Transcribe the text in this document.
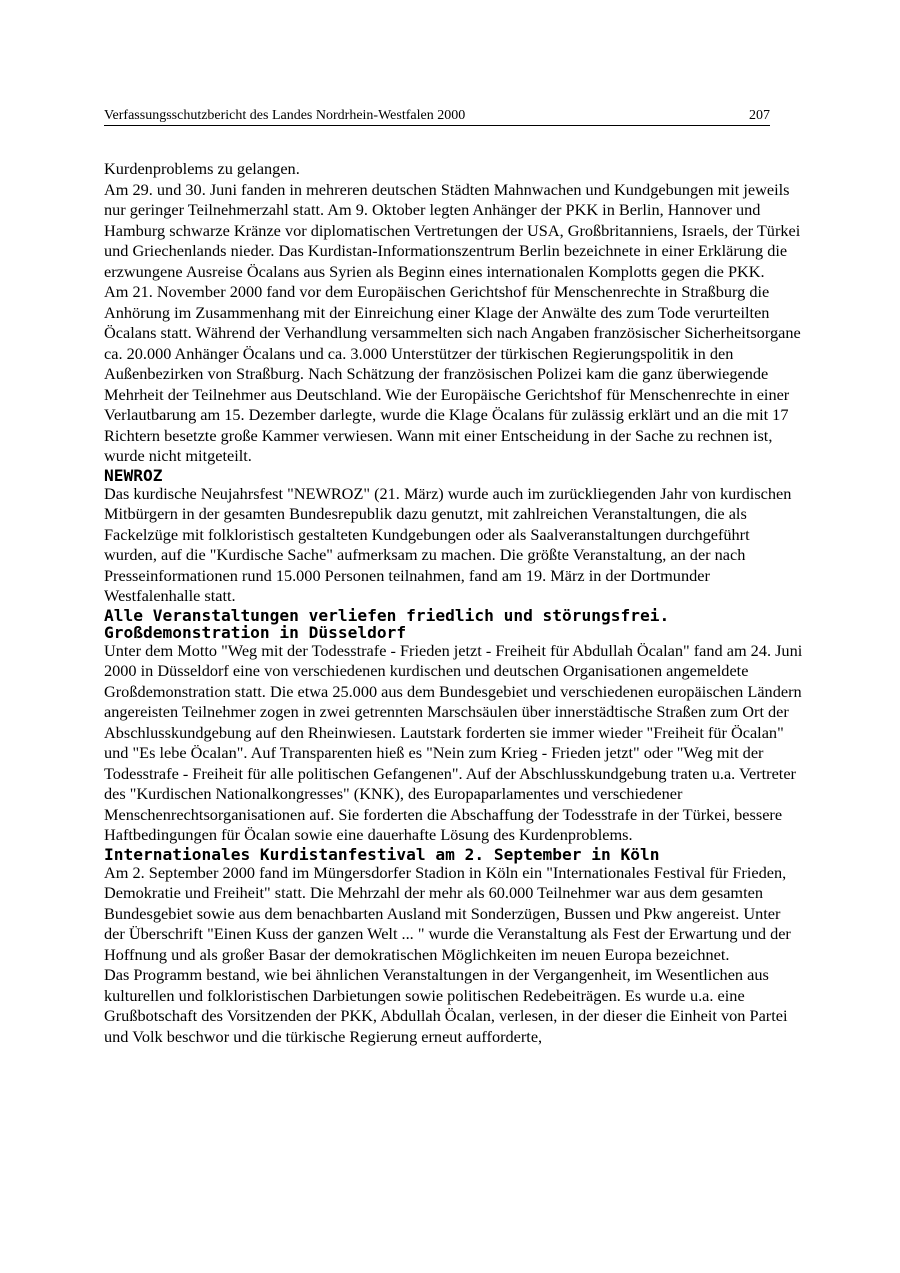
Verfassungsschutzbericht des Landes Nordrhein-Westfalen 2000	207

Kurdenproblems zu gelangen.

Am 29. und 30. Juni fanden in mehreren deutschen Städten Mahnwachen und Kundgebungen mit jeweils nur geringer Teilnehmerzahl statt. Am 9. Oktober legten Anhänger der PKK in Berlin, Hannover und Hamburg schwarze Kränze vor diplomatischen Vertretungen der USA, Großbritanniens, Israels, der Türkei und Griechenlands nieder. Das Kurdistan-Informationszentrum Berlin bezeichnete in einer Erklärung die erzwungene Ausreise Öcalans aus Syrien als Beginn eines internationalen Komplotts gegen die PKK.

Am 21. November 2000 fand vor dem Europäischen Gerichtshof für Menschenrechte in Straßburg die Anhörung im Zusammenhang mit der Einreichung einer Klage der Anwälte des zum Tode verurteilten Öcalans statt. Während der Verhandlung versammelten sich nach Angaben französischer Sicherheitsorgane ca. 20.000 Anhänger Öcalans und ca. 3.000 Unterstützer der türkischen Regierungspolitik in den Außenbezirken von Straßburg. Nach Schätzung der französischen Polizei kam die ganz überwiegende Mehrheit der Teilnehmer aus Deutschland. Wie der Europäische Gerichtshof für Menschenrechte in einer Verlautbarung am 15. Dezember darlegte, wurde die Klage Öcalans für zulässig erklärt und an die mit 17 Richtern besetzte große Kammer verwiesen. Wann mit einer Entscheidung in der Sache zu rechnen ist, wurde nicht mitgeteilt.

NEWROZ

Das kurdische Neujahrsfest "NEWROZ" (21. März) wurde auch im zurückliegenden Jahr von kurdischen Mitbürgern in der gesamten Bundesrepublik dazu genutzt, mit zahlreichen Veranstaltungen, die als Fackelzüge mit folkloristisch gestalteten Kundgebungen oder als Saalveranstaltungen durchgeführt wurden, auf die "Kurdische Sache" aufmerksam zu machen. Die größte Veranstaltung, an der nach Presseinformationen rund 15.000 Personen teilnahmen, fand am 19. März in der Dortmunder Westfalenhalle statt.

Alle Veranstaltungen verliefen friedlich und störungsfrei.
Großdemonstration in Düsseldorf

Unter dem Motto "Weg mit der Todesstrafe - Frieden jetzt - Freiheit für Abdullah Öcalan" fand am 24. Juni 2000 in Düsseldorf eine von verschiedenen kurdischen und deutschen Organisationen angemeldete Großdemonstration statt. Die etwa 25.000 aus dem Bundesgebiet und verschiedenen europäischen Ländern angereisten Teilnehmer zogen in zwei getrennten Marschsäulen über innerstädtische Straßen zum Ort der Abschlusskundgebung auf den Rheinwiesen. Lautstark forderten sie immer wieder "Freiheit für Öcalan" und "Es lebe Öcalan". Auf Transparenten hieß es "Nein zum Krieg - Frieden jetzt" oder "Weg mit der Todesstrafe - Freiheit für alle politischen Gefangenen". Auf der Abschlusskundgebung traten u.a. Vertreter des "Kurdischen Nationalkongresses" (KNK), des Europaparlamentes und verschiedener Menschenrechtsorganisationen auf. Sie forderten die Abschaffung der Todesstrafe in der Türkei, bessere Haftbedingungen für Öcalan sowie eine dauerhafte Lösung des Kurdenproblems.

Internationales Kurdistanfestival am 2. September in Köln

Am 2. September 2000 fand im Müngersdorfer Stadion in Köln ein "Internationales Festival für Frieden, Demokratie und Freiheit" statt. Die Mehrzahl der mehr als 60.000 Teilnehmer war aus dem gesamten Bundesgebiet sowie aus dem benachbarten Ausland mit Sonderzügen, Bussen und Pkw angereist. Unter der Überschrift "Einen Kuss der ganzen Welt ... " wurde die Veranstaltung als Fest der Erwartung und der Hoffnung und als großer Basar der demokratischen Möglichkeiten im neuen Europa bezeichnet.

Das Programm bestand, wie bei ähnlichen Veranstaltungen in der Vergangenheit, im Wesentlichen aus kulturellen und folkloristischen Darbietungen sowie politischen Redebeiträgen. Es wurde u.a. eine Grußbotschaft des Vorsitzenden der PKK, Abdullah Öcalan, verlesen, in der dieser die Einheit von Partei und Volk beschwor und die türkische Regierung erneut aufforderte,
